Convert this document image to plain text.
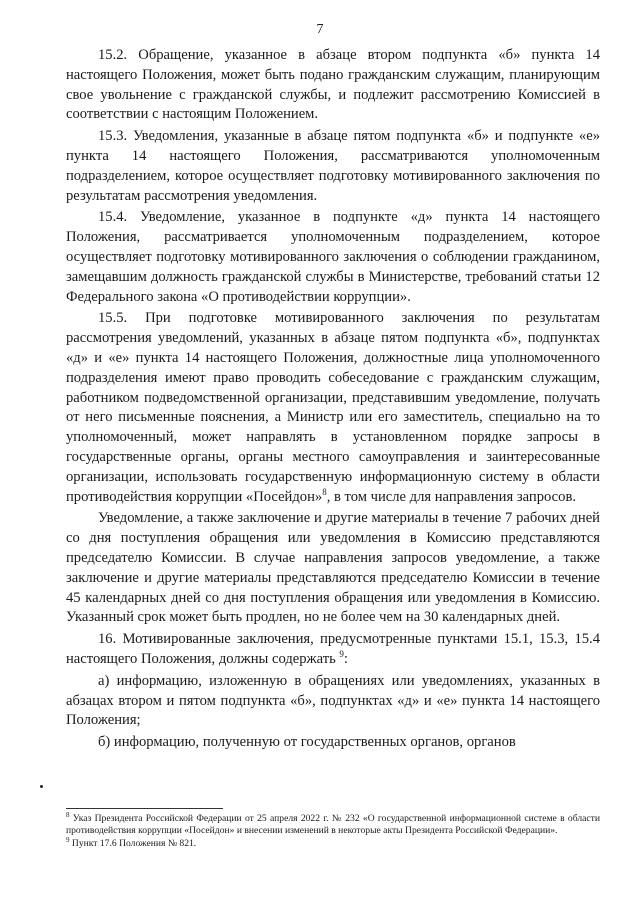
7

15.2. Обращение, указанное в абзаце втором подпункта «б» пункта 14 настоящего Положения, может быть подано гражданским служащим, планирующим свое увольнение с гражданской службы, и подлежит рассмотрению Комиссией в соответствии с настоящим Положением.

15.3. Уведомления, указанные в абзаце пятом подпункта «б» и подпункте «е» пункта 14 настоящего Положения, рассматриваются уполномоченным подразделением, которое осуществляет подготовку мотивированного заключения по результатам рассмотрения уведомления.

15.4. Уведомление, указанное в подпункте «д» пункта 14 настоящего Положения, рассматривается уполномоченным подразделением, которое осуществляет подготовку мотивированного заключения о соблюдении гражданином, замещавшим должность гражданской службы в Министерстве, требований статьи 12 Федерального закона «О противодействии коррупции».

15.5. При подготовке мотивированного заключения по результатам рассмотрения уведомлений, указанных в абзаце пятом подпункта «б», подпунктах «д» и «е» пункта 14 настоящего Положения, должностные лица уполномоченного подразделения имеют право проводить собеседование с гражданским служащим, работником подведомственной организации, представившим уведомление, получать от него письменные пояснения, а Министр или его заместитель, специально на то уполномоченный, может направлять в установленном порядке запросы в государственные органы, органы местного самоуправления и заинтересованные организации, использовать государственную информационную систему в области противодействия коррупции «Посейдон»$^8$, в том числе для направления запросов.

Уведомление, а также заключение и другие материалы в течение 7 рабочих дней со дня поступления обращения или уведомления в Комиссию представляются председателю Комиссии. В случае направления запросов уведомление, а также заключение и другие материалы представляются председателю Комиссии в течение 45 календарных дней со дня поступления обращения или уведомления в Комиссию. Указанный срок может быть продлен, но не более чем на 30 календарных дней.

16. Мотивированные заключения, предусмотренные пунктами 15.1, 15.3, 15.4 настоящего Положения, должны содержать $^9$:

а) информацию, изложенную в обращениях или уведомлениях, указанных в абзацах втором и пятом подпункта «б», подпунктах «д» и «е» пункта 14 настоящего Положения;

б) информацию, полученную от государственных органов, органов

$^8$ Указ Президента Российской Федерации от 25 апреля 2022 г. № 232 «О государственной информационной системе в области противодействия коррупции «Посейдон» и внесении изменений в некоторые акты Президента Российской Федерации».

$^9$ Пункт 17.6 Положения № 821.
